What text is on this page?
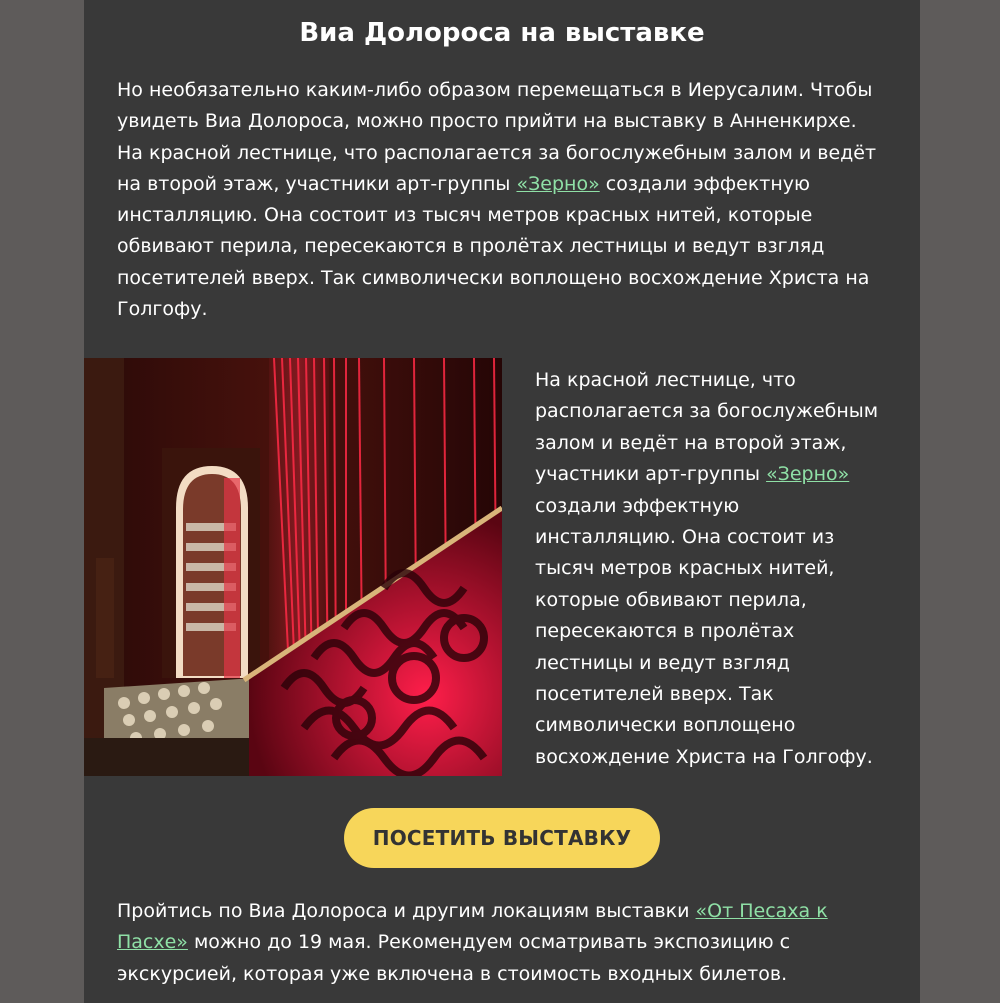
Виа Долороса на выставке

Но необязательно каким-либо образом перемещаться в Иерусалим. Чтобы увидеть Виа Долороса, можно просто прийти на выставку в Анненкирхе. На красной лестнице, что располагается за богослужебным залом и ведёт на второй этаж, участники арт-группы «Зерно» создали эффектную инсталляцию. Она состоит из тысяч метров красных нитей, которые обвивают перила, пересекаются в пролётах лестницы и ведут взгляд посетителей вверх. Так символически воплощено восхождение Христа на Голгофу.

На красной лестнице, что располагается за богослужебным залом и ведёт на второй этаж, участники арт-группы «Зерно» создали эффектную инсталляцию. Она состоит из тысяч метров красных нитей, которые обвивают перила, пересекаются в пролётах лестницы и ведут взгляд посетителей вверх. Так символически воплощено восхождение Христа на Голгофу.

ПОСЕТИТЬ ВЫСТАВКУ

Пройтись по Виа Долороса и другим локациям выставки «От Песаха к Пасхе» можно до 19 мая. Рекомендуем осматривать экспозицию с экскурсией, которая уже включена в стоимость входных билетов.
